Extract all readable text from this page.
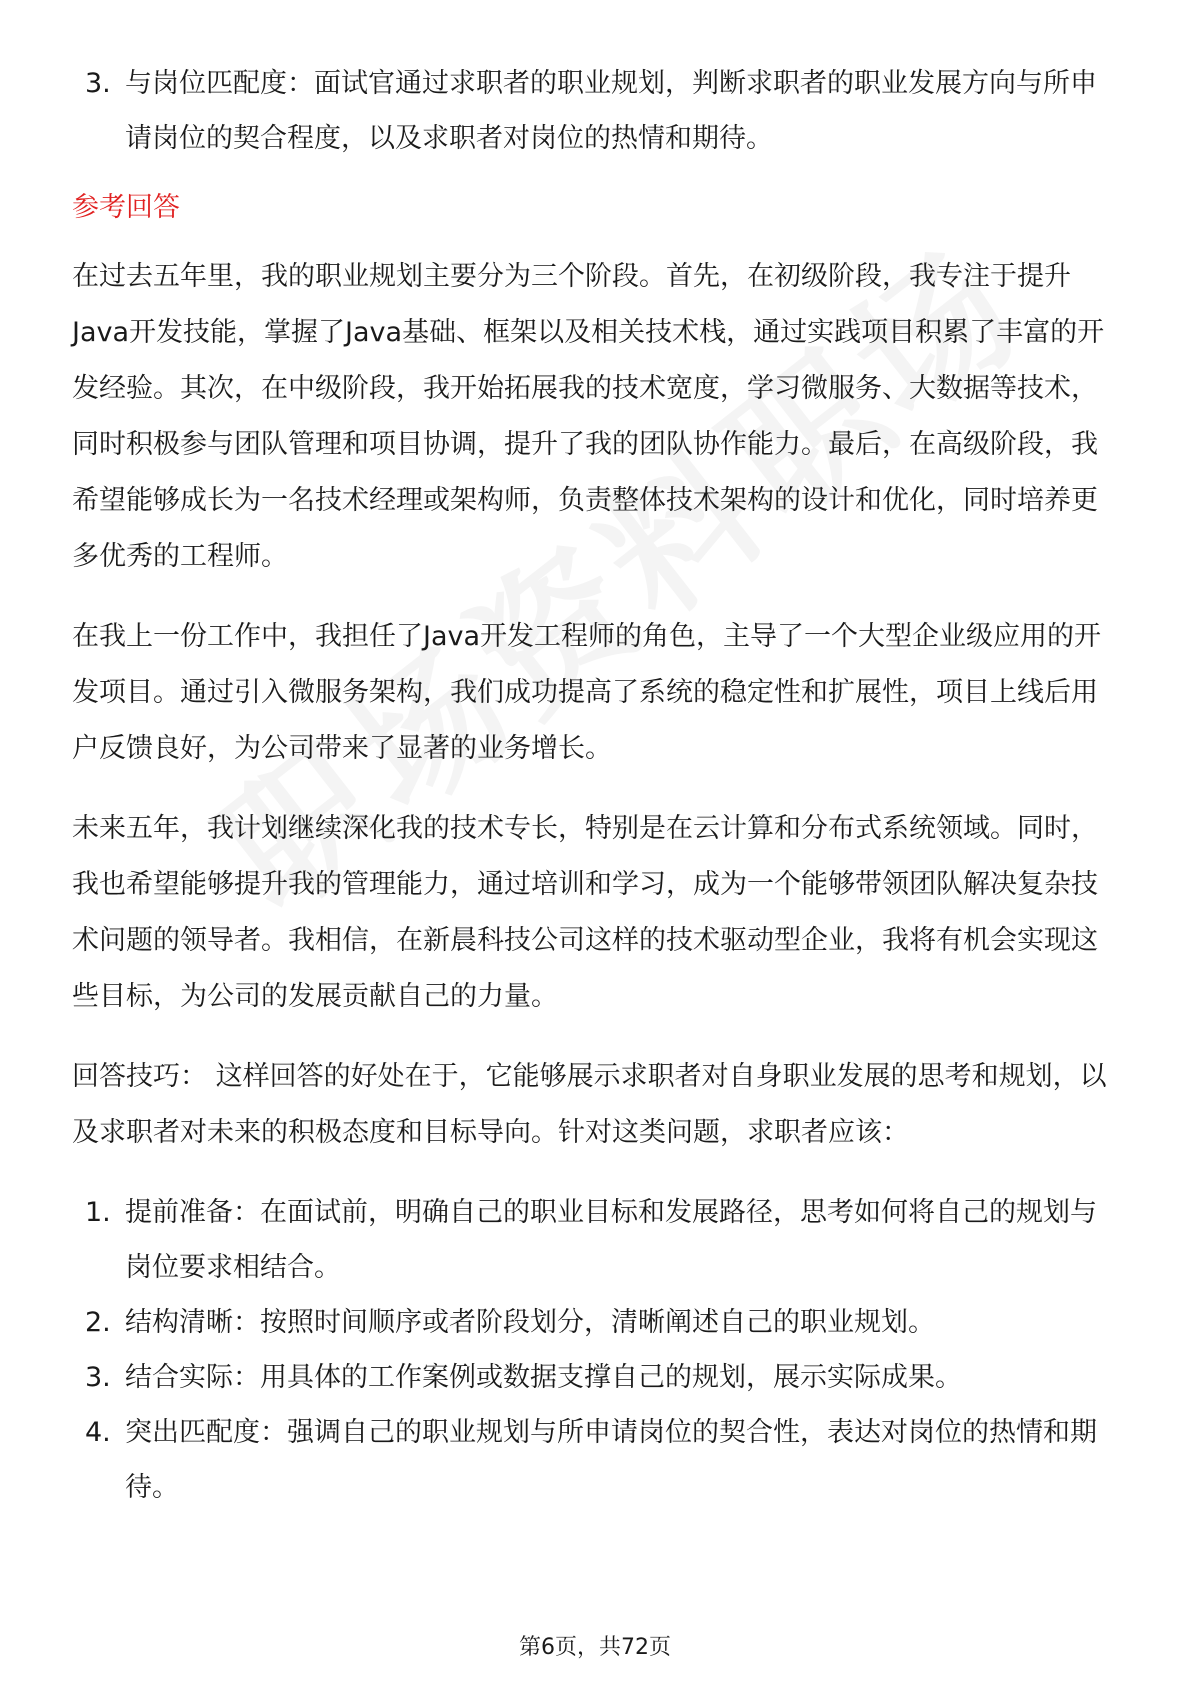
3. 与岗位匹配度：面试官通过求职者的职业规划，判断求职者的职业发展方向与所申请岗位的契合程度，以及求职者对岗位的热情和期待。
参考回答

在过去五年里，我的职业规划主要分为三个阶段。首先，在初级阶段，我专注于提升Java开发技能，掌握了Java基础、框架以及相关技术栈，通过实践项目积累了丰富的开发经验。其次，在中级阶段，我开始拓展我的技术宽度，学习微服务、大数据等技术，同时积极参与团队管理和项目协调，提升了我的团队协作能力。最后，在高级阶段，我希望能够成长为一名技术经理或架构师，负责整体技术架构的设计和优化，同时培养更多优秀的工程师。

在我上一份工作中，我担任了Java开发工程师的角色，主导了一个大型企业级应用的开发项目。通过引入微服务架构，我们成功提高了系统的稳定性和扩展性，项目上线后用户反馈良好，为公司带来了显著的业务增长。

未来五年，我计划继续深化我的技术专长，特别是在云计算和分布式系统领域。同时，我也希望能够提升我的管理能力，通过培训和学习，成为一个能够带领团队解决复杂技术问题的领导者。我相信，在新晨科技公司这样的技术驱动型企业，我将有机会实现这些目标，为公司的发展贡献自己的力量。

回答技巧： 这样回答的好处在于，它能够展示求职者对自身职业发展的思考和规划，以及求职者对未来的积极态度和目标导向。针对这类问题，求职者应该：

1. 提前准备：在面试前，明确自己的职业目标和发展路径，思考如何将自己的规划与岗位要求相结合。
2. 结构清晰：按照时间顺序或者阶段划分，清晰阐述自己的职业规划。
3. 结合实际：用具体的工作案例或数据支撑自己的规划，展示实际成果。
4. 突出匹配度：强调自己的职业规划与所申请岗位的契合性，表达对岗位的热情和期待。
第6页，共72页
